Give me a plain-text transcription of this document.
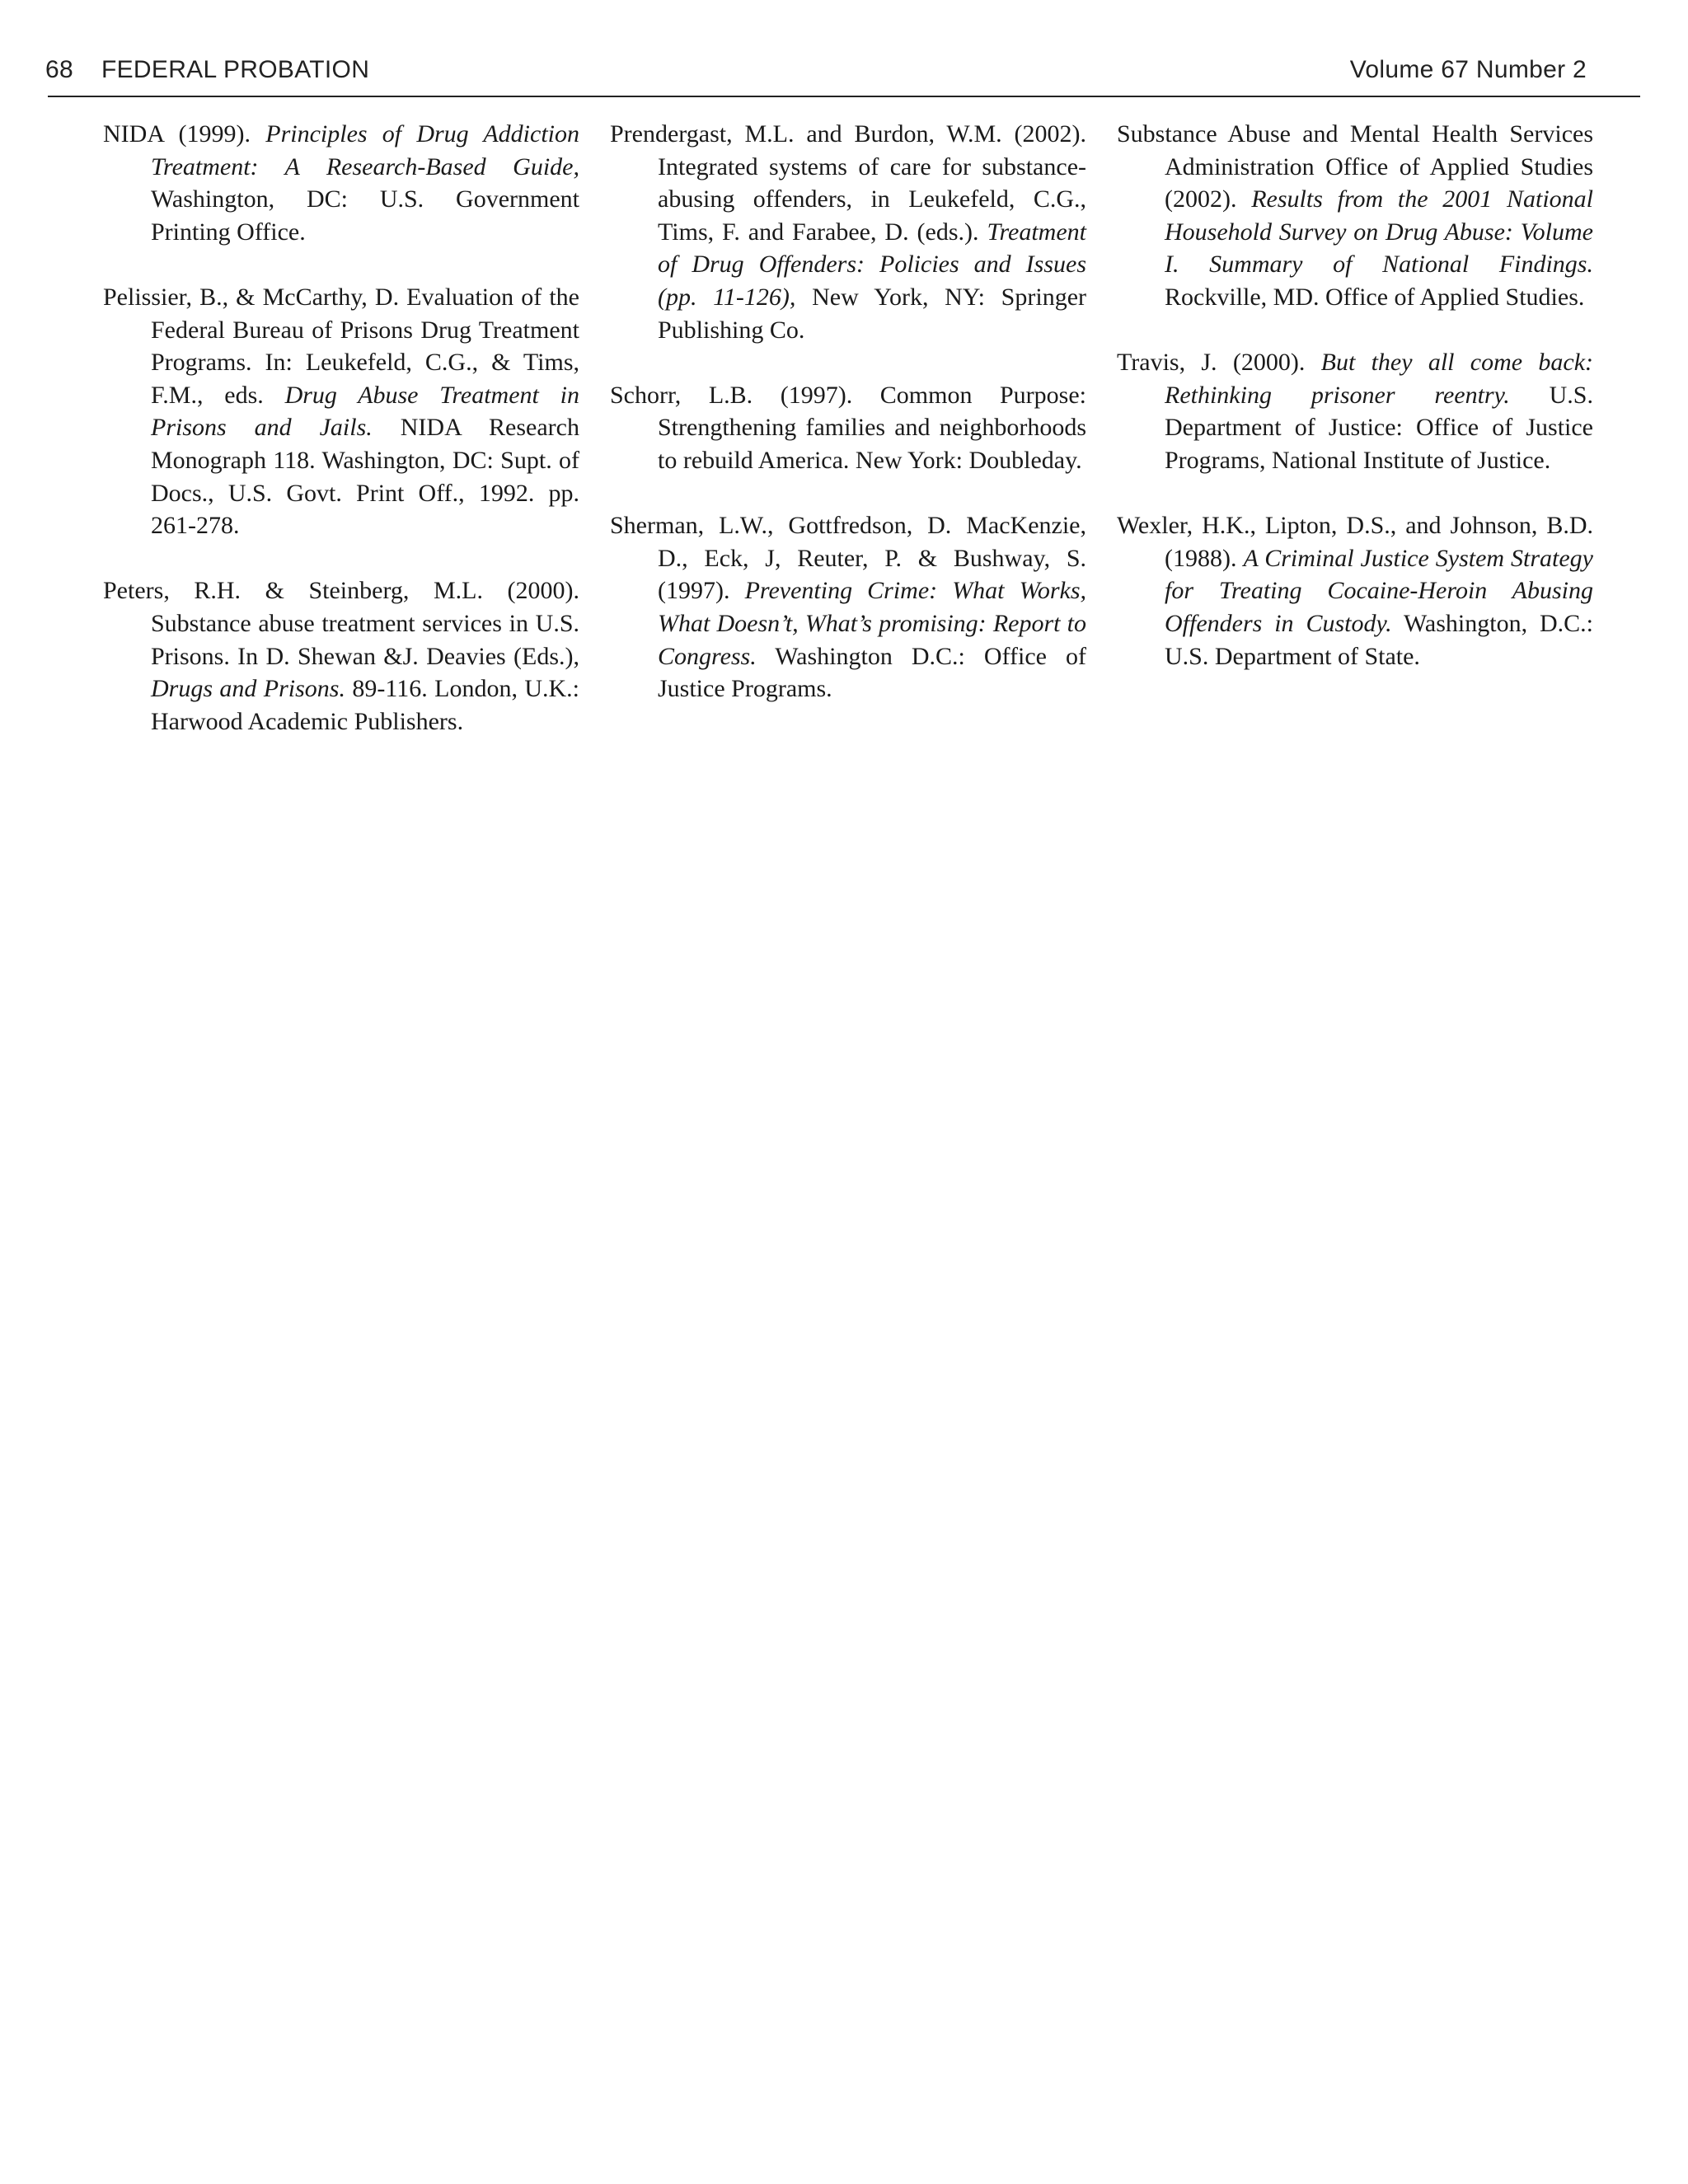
68 FEDERAL PROBATION	Volume 67 Number 2

NIDA (1999). Principles of Drug Addiction Treatment: A Research-Based Guide, Washington, DC: U.S. Government Printing Office.

Pelissier, B., & McCarthy, D. Evaluation of the Federal Bureau of Prisons Drug Treatment Programs. In: Leukefeld, C.G., & Tims, F.M., eds. Drug Abuse Treatment in Prisons and Jails. NIDA Research Monograph 118. Washington, DC: Supt. of Docs., U.S. Govt. Print Off., 1992. pp. 261-278.

Peters, R.H. & Steinberg, M.L. (2000). Substance abuse treatment services in U.S. Prisons. In D. Shewan &J. Deavies (Eds.), Drugs and Prisons. 89-116. London, U.K.: Harwood Academic Publishers.

Prendergast, M.L. and Burdon, W.M. (2002). Integrated systems of care for substance-abusing offenders, in Leukefeld, C.G., Tims, F. and Farabee, D. (eds.). Treatment of Drug Offenders: Policies and Issues (pp. 11-126), New York, NY: Springer Publishing Co.

Schorr, L.B. (1997). Common Purpose: Strengthening families and neighborhoods to rebuild America. New York: Doubleday.

Sherman, L.W., Gottfredson, D. MacKenzie, D., Eck, J, Reuter, P. & Bushway, S. (1997). Preventing Crime: What Works, What Doesn’t, What’s promising: Report to Congress. Washington D.C.: Office of Justice Programs.

Substance Abuse and Mental Health Services Administration Office of Applied Studies (2002). Results from the 2001 National Household Survey on Drug Abuse: Volume I. Summary of National Findings. Rockville, MD. Office of Applied Studies.

Travis, J. (2000). But they all come back: Rethinking prisoner reentry. U.S. Department of Justice: Office of Justice Programs, National Institute of Justice.

Wexler, H.K., Lipton, D.S., and Johnson, B.D. (1988). A Criminal Justice System Strategy for Treating Cocaine-Heroin Abusing Offenders in Custody. Washington, D.C.: U.S. Department of State.
